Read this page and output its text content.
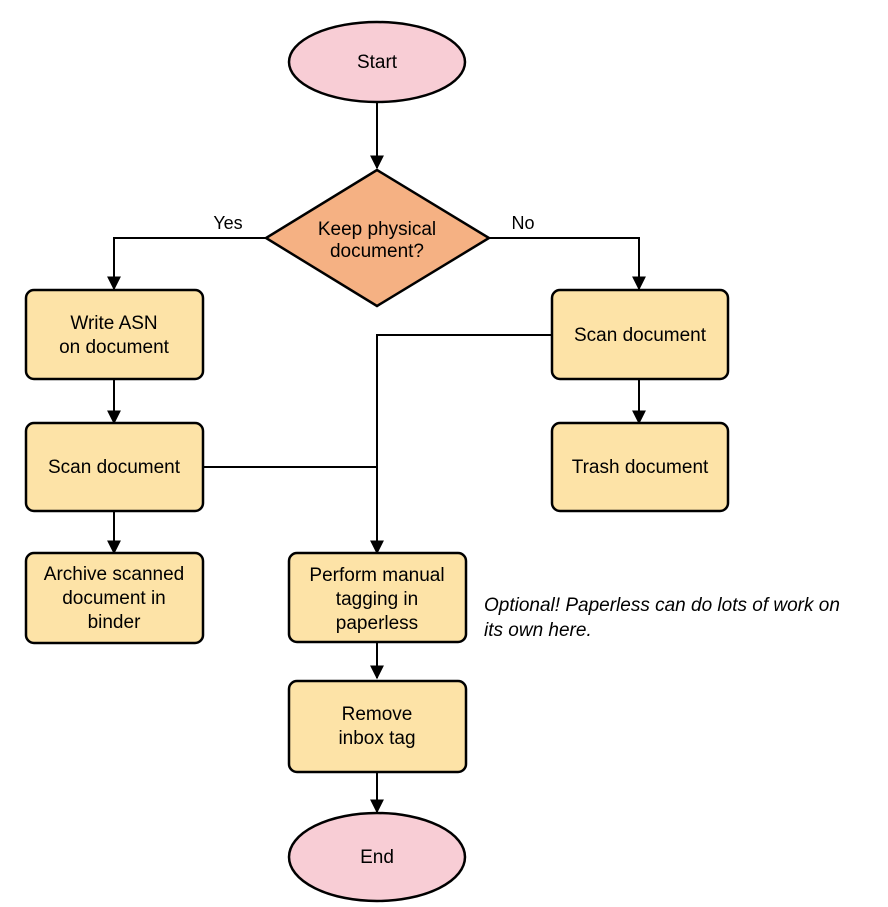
Start
Keep physical
document?
Yes	No
Write ASN
on document
Scan document
Archive scanned
document in
binder
Scan document
Trash document
Perform manual
tagging in
paperless
Remove
inbox tag
End
Optional! Paperless can do lots of work on
its own here.
